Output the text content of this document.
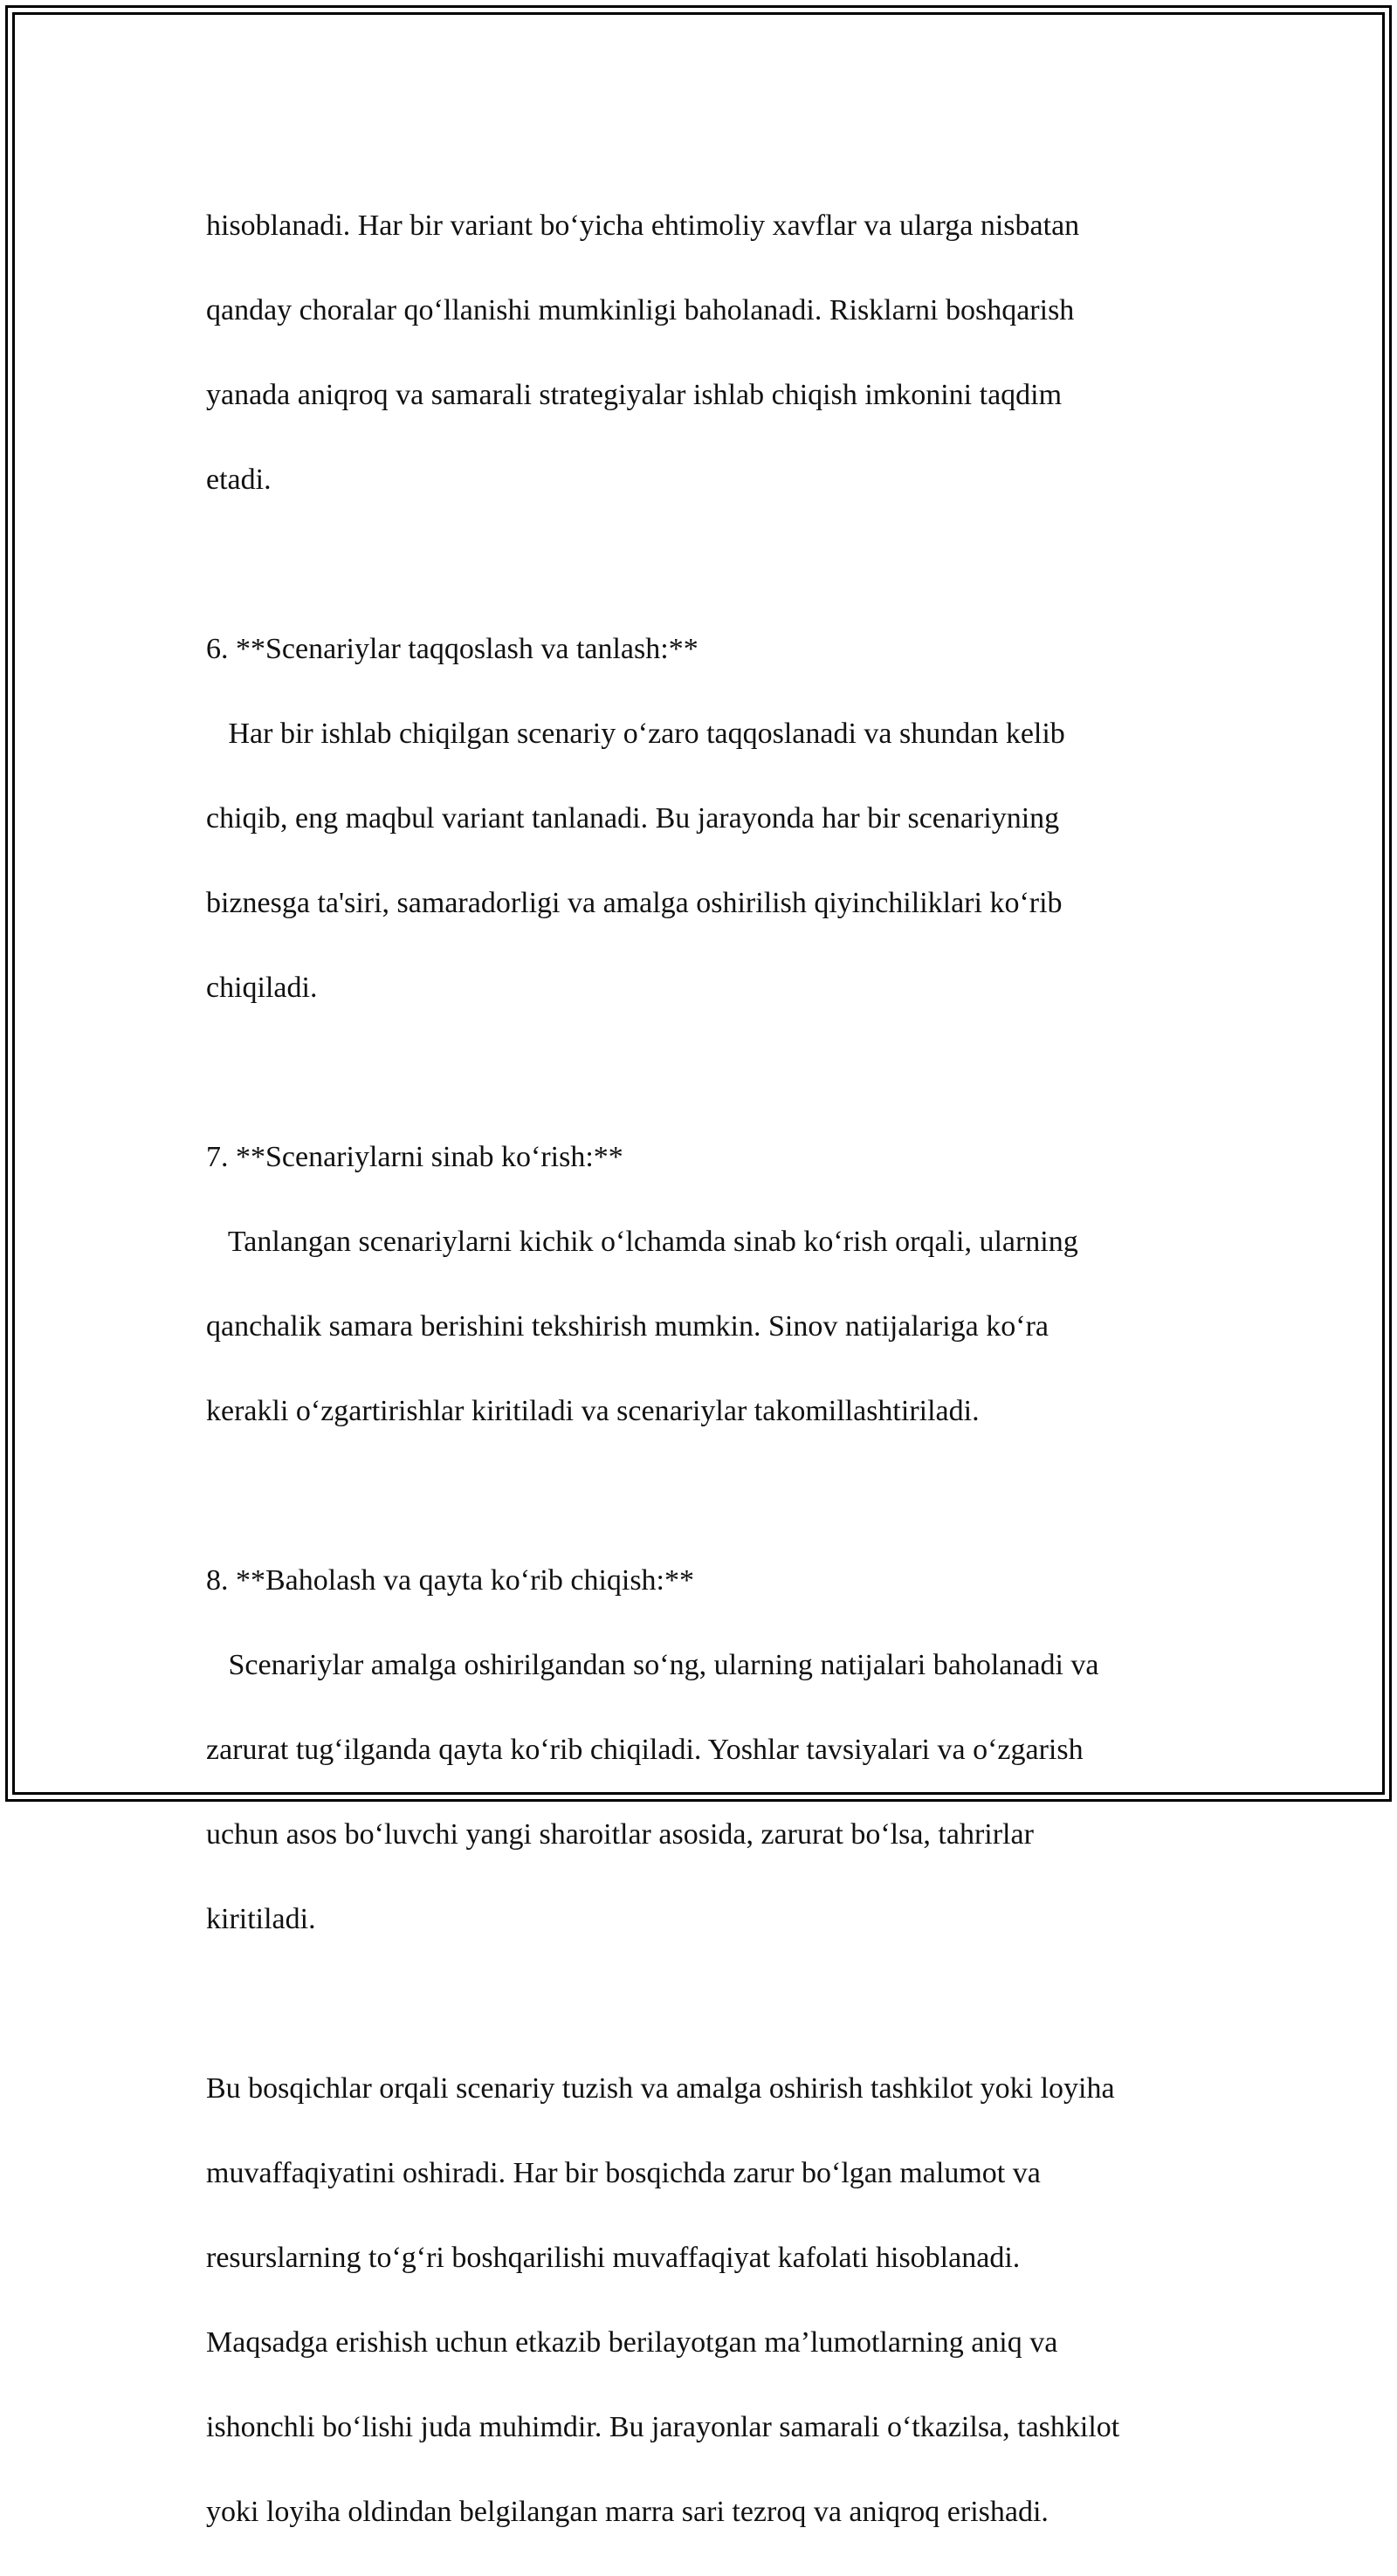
hisoblanadi. Har bir variant bo‘yicha ehtimoliy xavflar va ularga nisbatan

qanday choralar qo‘llanishi mumkinligi baholanadi. Risklarni boshqarish

yanada aniqroq va samarali strategiyalar ishlab chiqish imkonini taqdim

etadi.

6. **Scenariylar taqqoslash va tanlash:**

Har bir ishlab chiqilgan scenariy o‘zaro taqqoslanadi va shundan kelib

chiqib, eng maqbul variant tanlanadi. Bu jarayonda har bir scenariyning

biznesga ta'siri, samaradorligi va amalga oshirilish qiyinchiliklari ko‘rib

chiqiladi.

7. **Scenariylarni sinab ko‘rish:**

Tanlangan scenariylarni kichik o‘lchamda sinab ko‘rish orqali, ularning

qanchalik samara berishini tekshirish mumkin. Sinov natijalariga ko‘ra

kerakli o‘zgartirishlar kiritiladi va scenariylar takomillashtiriladi.

8. **Baholash va qayta ko‘rib chiqish:**

Scenariylar amalga oshirilgandan so‘ng, ularning natijalari baholanadi va

zarurat tug‘ilganda qayta ko‘rib chiqiladi. Yoshlar tavsiyalari va o‘zgarish

uchun asos bo‘luvchi yangi sharoitlar asosida, zarurat bo‘lsa, tahrirlar

kiritiladi.

Bu bosqichlar orqali scenariy tuzish va amalga oshirish tashkilot yoki loyiha

muvaffaqiyatini oshiradi. Har bir bosqichda zarur bo‘lgan malumot va

resurslarning to‘g‘ri boshqarilishi muvaffaqiyat kafolati hisoblanadi.

Maqsadga erishish uchun etkazib berilayotgan ma’lumotlarning aniq va

ishonchli bo‘lishi juda muhimdir. Bu jarayonlar samarali o‘tkazilsa, tashkilot

yoki loyiha oldindan belgilangan marra sari tezroq va aniqroq erishadi.
